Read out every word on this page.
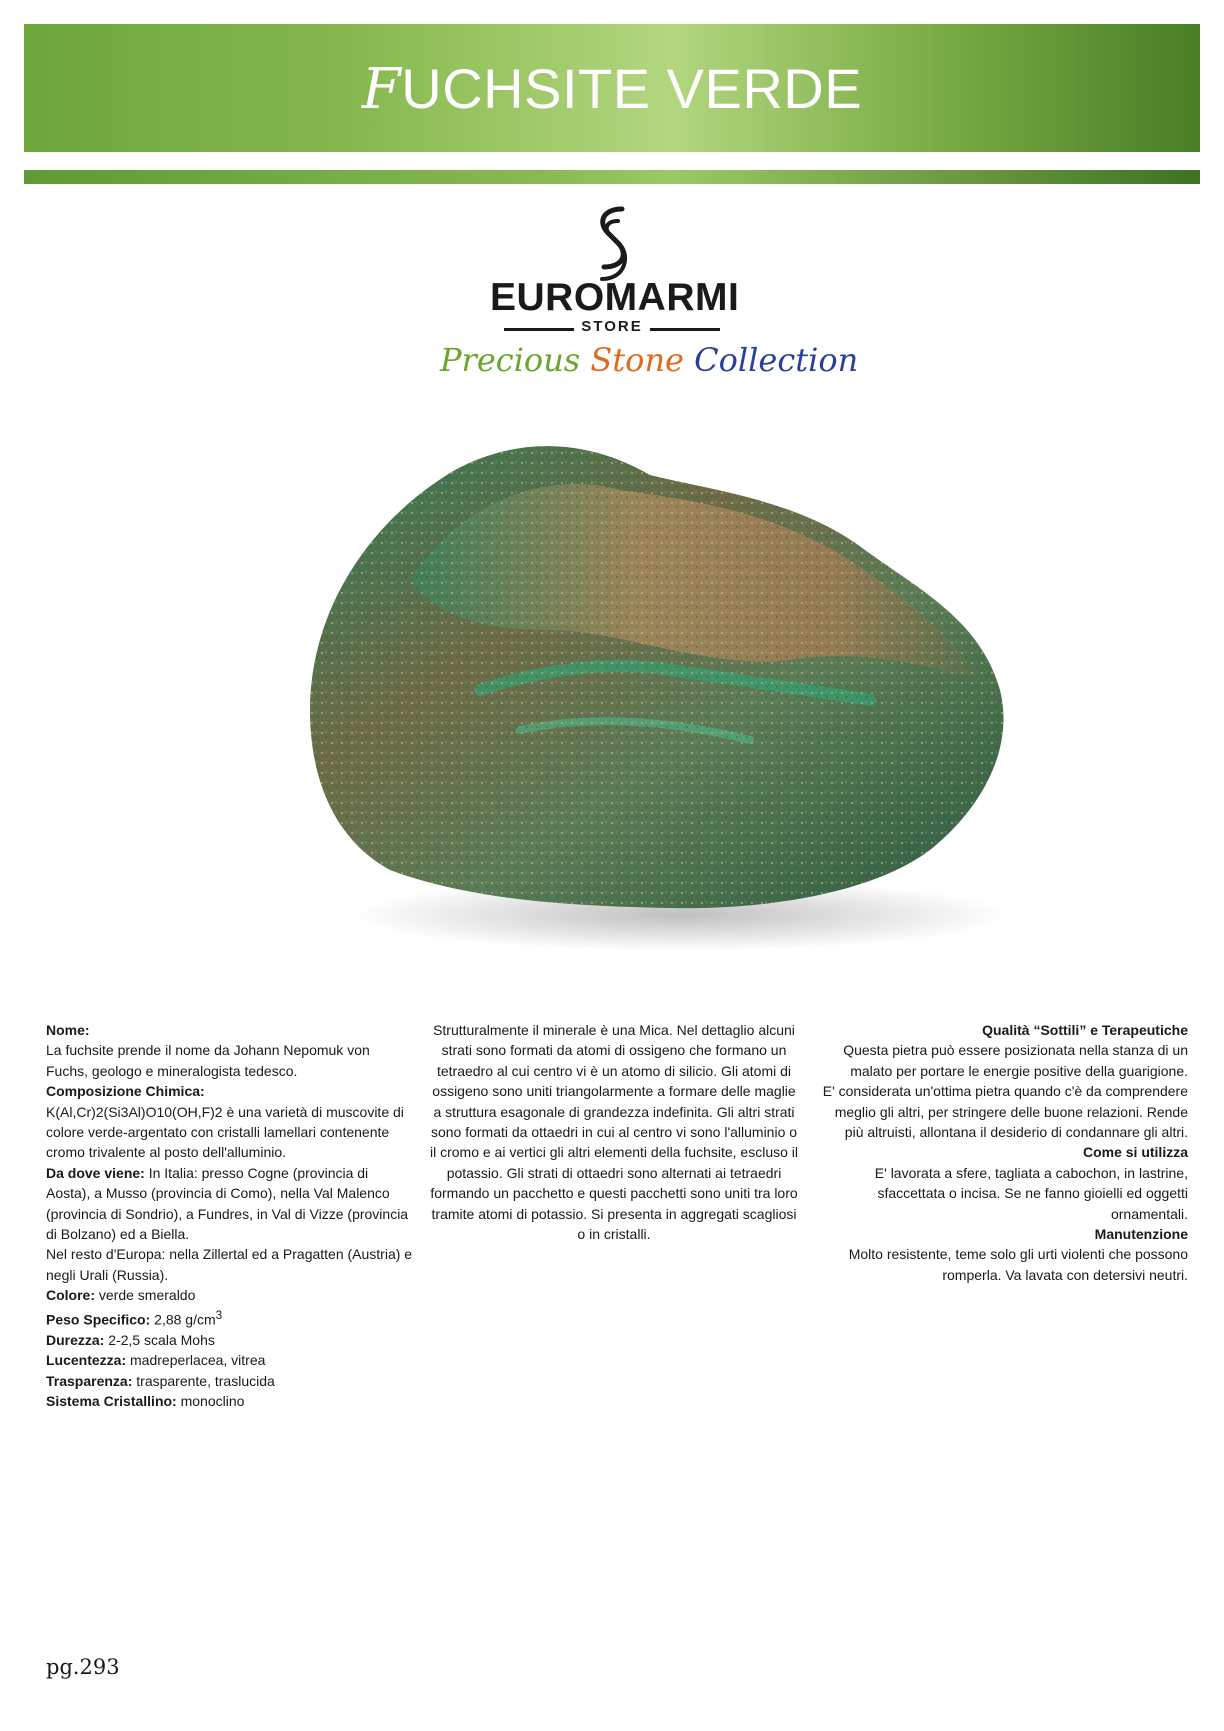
FUCHSITE VERDE
EUROMARMI
STORE
Precious Stone Collection

Nome:

La fuchsite prende il nome da Johann Nepomuk von Fuchs, geologo e mineralogista tedesco.

Composizione Chimica:

K(Al,Cr)2(Si3Al)O10(OH,F)2 è una varietà di muscovite di colore verde-argentato con cristalli lamellari contenente cromo trivalente al posto dell'alluminio.

Da dove viene: In Italia: presso Cogne (provincia di Aosta), a Musso (provincia di Como), nella Val Malenco (provincia di Sondrio), a Fundres, in Val di Vizze (provincia di Bolzano) ed a Biella.

Nel resto d'Europa: nella Zillertal ed a Pragatten (Austria) e negli Urali (Russia).

Colore: verde smeraldo

Peso Specifico: 2,88 $g/cm^3$

Durezza: 2-2,5 scala Mohs

Lucentezza: madreperlacea, vitrea

Trasparenza: trasparente, traslucida

Sistema Cristallino: monoclino

Strutturalmente il minerale è una Mica. Nel dettaglio alcuni strati sono formati da atomi di ossigeno che formano un tetraedro al cui centro vi è un atomo di silicio. Gli atomi di ossigeno sono uniti triangolarmente a formare delle maglie a struttura esagonale di grandezza indefinita. Gli altri strati sono formati da ottaedri in cui al centro vi sono l'alluminio o il cromo e ai vertici gli altri elementi della fuchsite, escluso il potassio. Gli strati di ottaedri sono alternati ai tetraedri formando un pacchetto e questi pacchetti sono uniti tra loro tramite atomi di potassio. Si presenta in aggregati scagliosi o in cristalli.

Qualità “Sottili” e Terapeutiche

Questa pietra può essere posizionata nella stanza di un malato per portare le energie positive della guarigione.

E' considerata un'ottima pietra quando c'è da comprendere meglio gli altri, per stringere delle buone relazioni. Rende più altruisti, allontana il desiderio di condannare gli altri.

Come si utilizza

E' lavorata a sfere, tagliata a cabochon, in lastrine, sfaccettata o incisa. Se ne fanno gioielli ed oggetti ornamentali.

Manutenzione

Molto resistente, teme solo gli urti violenti che possono romperla. Va lavata con detersivi neutri.

pg.293
